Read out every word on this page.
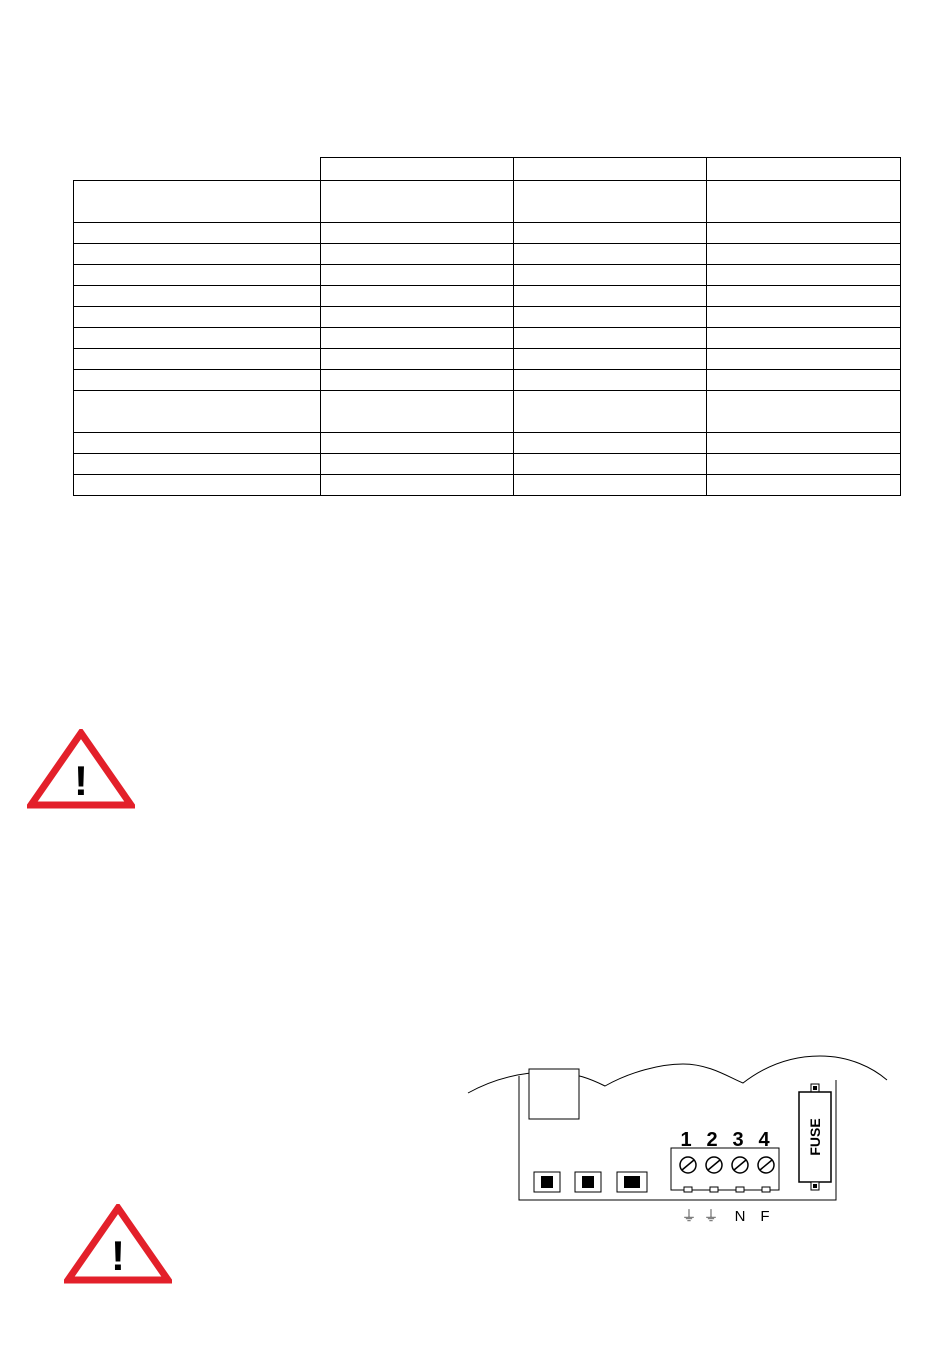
!
1 2 3 4
⏚ ⏚ N F
FUSE
!
